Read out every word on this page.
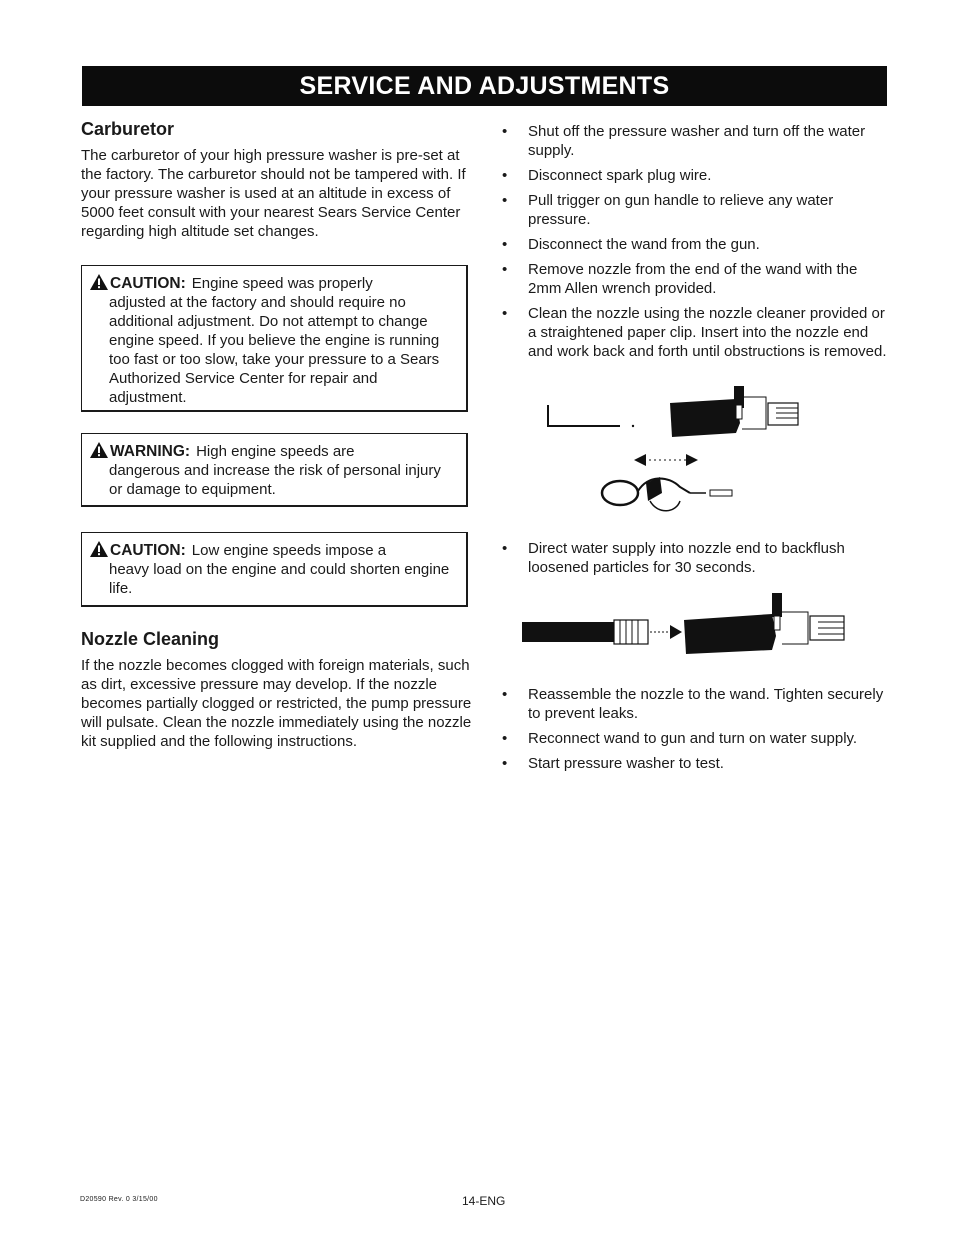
SERVICE AND ADJUSTMENTS
Carburetor

The carburetor of your high pressure washer is pre-set at the factory. The carburetor should not be tampered with. If your pressure washer is used at an altitude in excess of 5000 feet consult with your nearest Sears Service Center regarding high altitude set changes.

CAUTION: Engine speed was properly
adjusted at the factory and should require no additional adjustment. Do not attempt to change engine speed. If you believe the engine is running too fast or too slow, take your pressure to a Sears Authorized Service Center for repair and adjustment.
WARNING: High engine speeds are
dangerous and increase the risk of personal injury or damage to equipment.
CAUTION: Low engine speeds impose a
heavy load on the engine and could shorten engine life.
Nozzle Cleaning

If the nozzle becomes clogged with foreign materials, such as dirt, excessive pressure may develop. If the nozzle becomes partially clogged or restricted, the pump pressure will pulsate. Clean the nozzle immediately using the nozzle kit supplied and the following instructions.

• Shut off the pressure washer and turn off the water supply.
• Disconnect spark plug wire.
• Pull trigger on gun handle to relieve any water pressure.
• Disconnect the wand from the gun.
• Remove nozzle from the end of the wand with the 2mm Allen wrench provided.
• Clean the nozzle using the nozzle cleaner provided or a straightened paper clip. Insert into the nozzle end and work back and forth until obstructions is removed.
• Direct water supply into nozzle end to backflush loosened particles for 30 seconds.
• Reassemble the nozzle to the wand. Tighten securely to prevent leaks.
• Reconnect wand to gun and turn on water supply.
• Start pressure washer to test.
D20590 Rev. 0 3/15/00	14-ENG
